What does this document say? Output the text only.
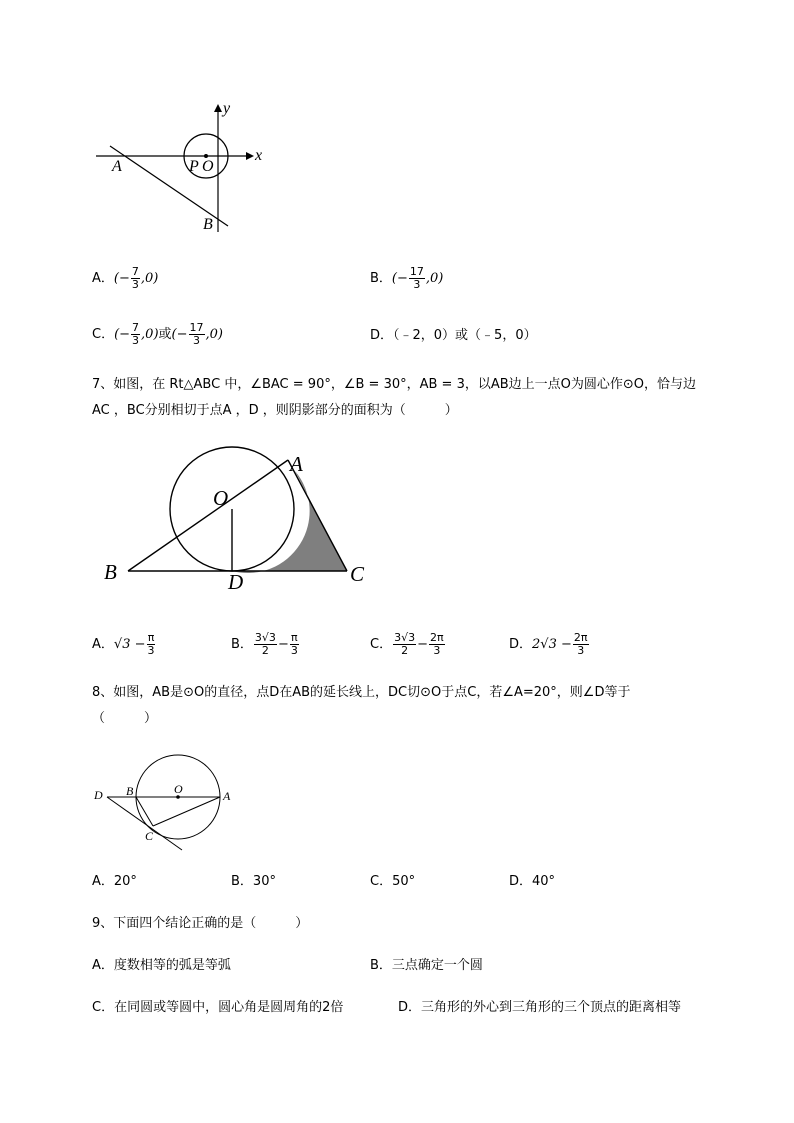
y
x
A	P O
B
A．(− $\frac{7}{3} ,0$)	B．(− $\frac{17}{3} ,0$)
C．(− $\frac{7}{3} ,0$)或(− $\frac{17}{3} ,0$)	D．（﹣2，0）或（﹣5，0）
7、如图，在 Rt△ABC 中，∠BAC = 90°，∠B = 30°，AB = 3，以AB边上一点O为圆心作⊙O，恰与边
AC ，BC分别相切于点A ，D ，则阴影部分的面积为（　　　）
A
O
B	D	C
A．$√3 - \frac{\pi}{3}$	B． $\frac{3√3}{2} - \frac{\pi}{3}$	C． $\frac{3√3}{2} - \frac{2\pi}{3}$	D．$2√3 - \frac{2\pi}{3}$
8、如图，AB是⊙O的直径，点D在AB的延长线上，DC切⊙O于点C，若∠A=20°，则∠D等于
（　　　）
D B	O	A
C
A．20°	B．30°	C．50°	D．40°
9、下面四个结论正确的是（　　　）
A．度数相等的弧是等弧	B．三点确定一个圆
C．在同圆或等圆中，圆心角是圆周角的2倍	D．三角形的外心到三角形的三个顶点的距离相等
